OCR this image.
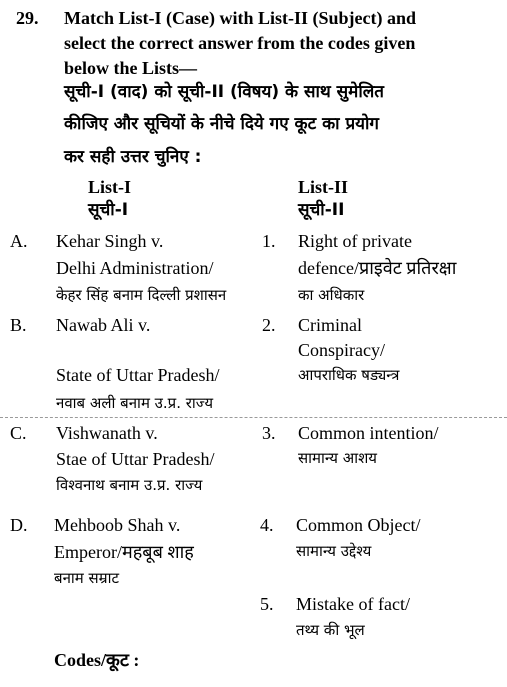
29. Match List-I (Case) with List-II (Subject) and
select the correct answer from the codes given
below the Lists—
सूची-I (वाद) को सूची-II (विषय) के साथ सुमेलित
कीजिए और सूचियों के नीचे दिये गए कूट का प्रयोग
कर सही उत्तर चुनिए :
List-I
सूची-I
List-II
सूची-II
A. Kehar Singh v.
Delhi Administration/
केहर सिंह बनाम दिल्ली प्रशासन
1. Right of private
defence/प्राइवेट प्रतिरक्षा
का अधिकार
B. Nawab Ali v.
State of Uttar Pradesh/
नवाब अली बनाम उ.प्र. राज्य
2. Criminal
Conspiracy/
आपराधिक षड्यन्त्र
C. Vishwanath v.
Stae of Uttar Pradesh/
विश्वनाथ बनाम उ.प्र. राज्य
3. Common intention/
सामान्य आशय
D. Mehboob Shah v.
Emperor/महबूब शाह
बनाम सम्राट
4. Common Object/
सामान्य उद्देश्य
5. Mistake of fact/
तथ्य की भूल
Codes/कूट :
